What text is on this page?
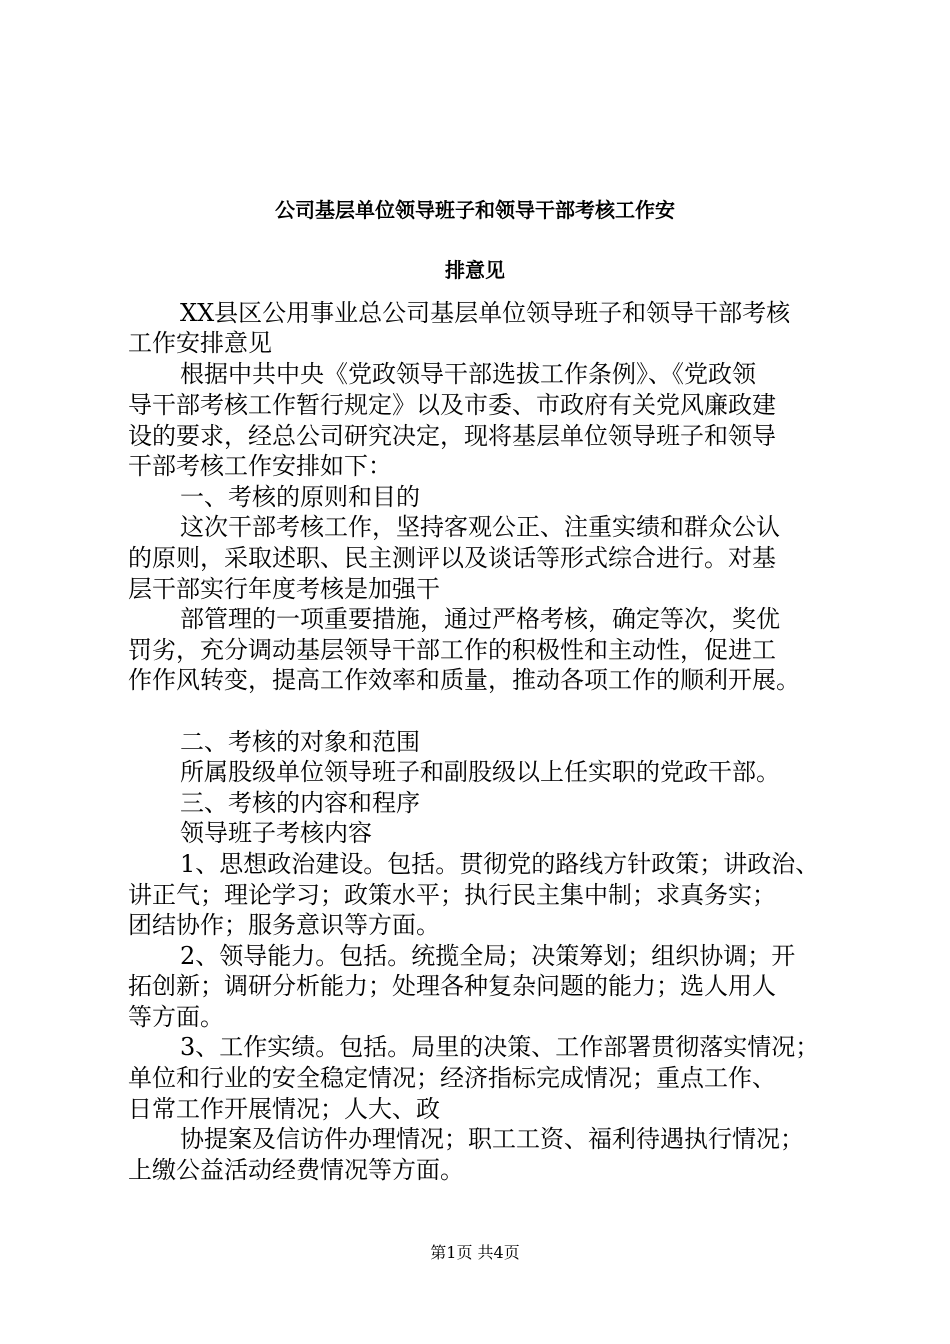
公司基层单位领导班子和领导干部考核工作安
排意见
XX县区公用事业总公司基层单位领导班子和领导干部考核
工作安排意见
根据中共中央《党政领导干部选拔工作条例》、《党政领
导干部考核工作暂行规定》以及市委、市政府有关党风廉政建
设的要求，经总公司研究决定，现将基层单位领导班子和领导
干部考核工作安排如下：
一、考核的原则和目的
这次干部考核工作，坚持客观公正、注重实绩和群众公认
的原则，采取述职、民主测评以及谈话等形式综合进行。对基
层干部实行年度考核是加强干
部管理的一项重要措施，通过严格考核，确定等次，奖优
罚劣，充分调动基层领导干部工作的积极性和主动性，促进工
作作风转变，提高工作效率和质量，推动各项工作的顺利开展。
二、考核的对象和范围
所属股级单位领导班子和副股级以上任实职的党政干部。
三、考核的内容和程序
领导班子考核内容
1、思想政治建设。包括。贯彻党的路线方针政策；讲政治、
讲正气；理论学习；政策水平；执行民主集中制；求真务实；
团结协作；服务意识等方面。
2、领导能力。包括。统揽全局；决策筹划；组织协调；开
拓创新；调研分析能力；处理各种复杂问题的能力；选人用人
等方面。
3、工作实绩。包括。局里的决策、工作部署贯彻落实情况；
单位和行业的安全稳定情况；经济指标完成情况；重点工作、
日常工作开展情况；人大、政
协提案及信访件办理情况；职工工资、福利待遇执行情况；
上缴公益活动经费情况等方面。
第1页 共4页
